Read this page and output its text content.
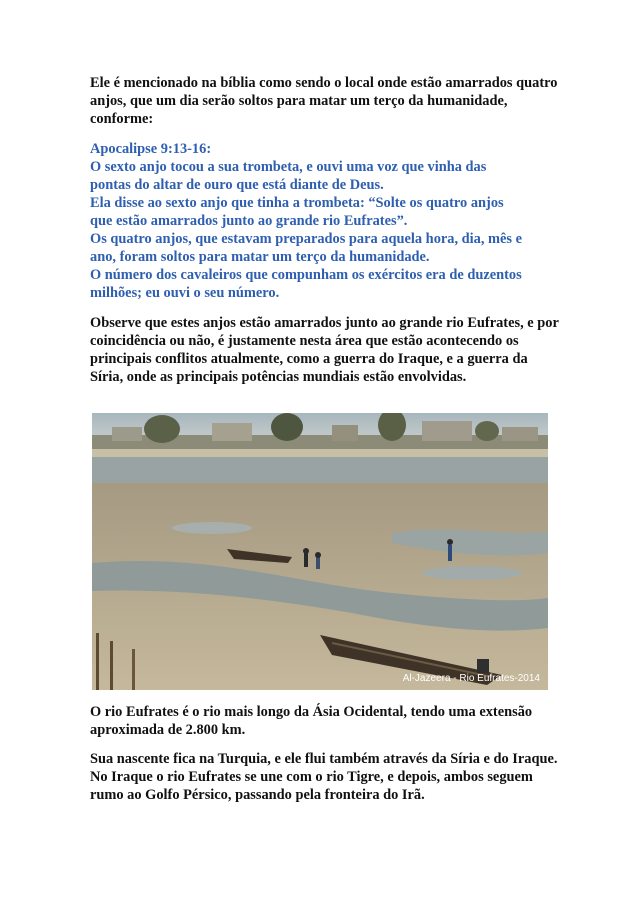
Ele é mencionado na bíblia como sendo o local onde estão amarrados quatro anjos, que um dia serão soltos para matar um terço da humanidade, conforme:
Apocalipse 9:13-16:
O sexto anjo tocou a sua trombeta, e ouvi uma voz que vinha das
pontas do altar de ouro que está diante de Deus.
Ela disse ao sexto anjo que tinha a trombeta: “Solte os quatro anjos
que estão amarrados junto ao grande rio Eufrates”.
Os quatro anjos, que estavam preparados para aquela hora, dia, mês e
ano, foram soltos para matar um terço da humanidade.
O número dos cavaleiros que compunham os exércitos era de duzentos
milhões; eu ouvi o seu número.
Observe que estes anjos estão amarrados junto ao grande rio Eufrates, e por coincidência ou não, é justamente nesta área que estão acontecendo os principais conflitos atualmente, como a guerra do Iraque, e a guerra da Síria, onde as principais potências mundiais estão envolvidas.
Al-Jazeera - Rio Eufrates-2014
O rio Eufrates é o rio mais longo da Ásia Ocidental, tendo uma extensão aproximada de 2.800 km.
Sua nascente fica na Turquia, e ele flui também através da Síria e do Iraque. No Iraque o rio Eufrates se une com o rio Tigre, e depois, ambos seguem rumo ao Golfo Pérsico, passando pela fronteira do Irã.
